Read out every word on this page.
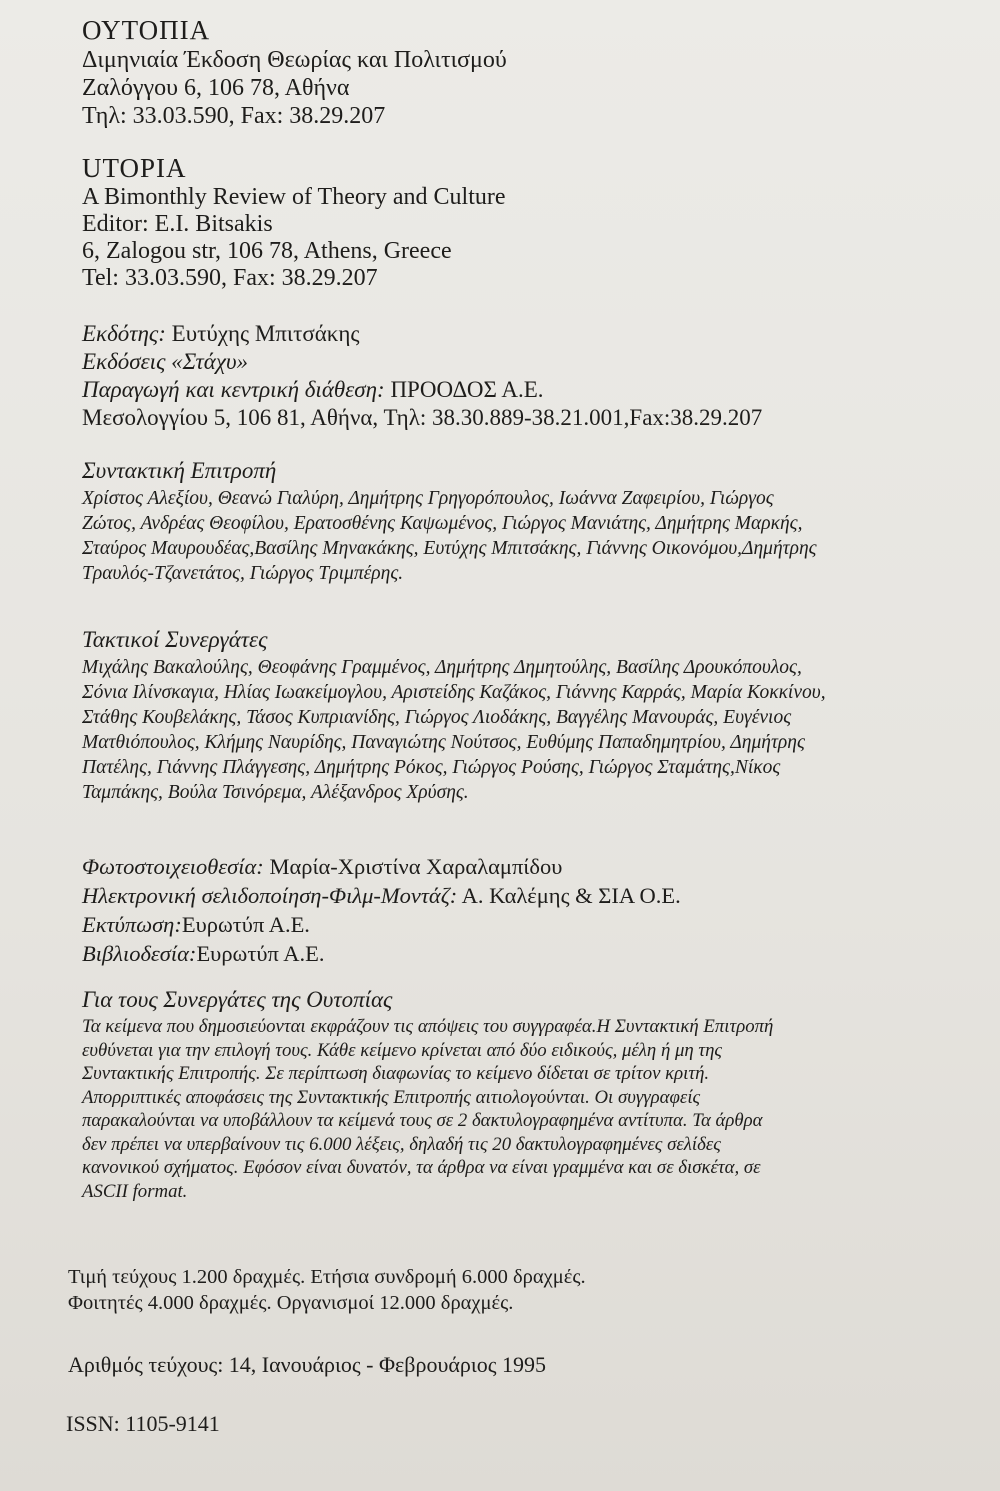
ΟΥΤΟΠΙΑ
Διμηνιαία Έκδοση Θεωρίας και Πολιτισμού
Ζαλόγγου 6, 106 78, Αθήνα
Τηλ: 33.03.590, Fax: 38.29.207
UTOPIA
A Bimonthly Review of Theory and Culture
Editor: E.I. Bitsakis
6, Zalogou str, 106 78, Athens, Greece
Tel: 33.03.590, Fax: 38.29.207
Εκδότης: Ευτύχης Μπιτσάκης
Εκδόσεις «Στάχυ»
Παραγωγή και κεντρική διάθεση: ΠΡΟΟΔΟΣ Α.Ε.
Μεσολογγίου 5, 106 81, Αθήνα, Τηλ: 38.30.889-38.21.001,Fax:38.29.207
Συντακτική Επιτροπή
Χρίστος Αλεξίου, Θεανώ Γιαλύρη, Δημήτρης Γρηγορόπουλος, Ιωάννα Ζαφειρίου, Γιώργος
Ζώτος, Ανδρέας Θεοφίλου, Ερατοσθένης Καψωμένος, Γιώργος Μανιάτης, Δημήτρης Μαρκής,
Σταύρος Μαυρουδέας,Βασίλης Μηνακάκης, Ευτύχης Μπιτσάκης, Γιάννης Οικονόμου,Δημήτρης
Τραυλός-Τζανετάτος, Γιώργος Τριμπέρης.
Τακτικοί Συνεργάτες
Μιχάλης Βακαλούλης, Θεοφάνης Γραμμένος, Δημήτρης Δημητούλης, Βασίλης Δρουκόπουλος,
Σόνια Ιλίνσκαγια, Ηλίας Ιωακείμογλου, Αριστείδης Καζάκος, Γιάννης Καρράς, Μαρία Κοκκίνου,
Στάθης Κουβελάκης, Τάσος Κυπριανίδης, Γιώργος Λιοδάκης, Βαγγέλης Μανουράς, Ευγένιος
Ματθιόπουλος, Κλήμης Ναυρίδης, Παναγιώτης Νούτσος, Ευθύμης Παπαδημητρίου, Δημήτρης
Πατέλης, Γιάννης Πλάγγεσης, Δημήτρης Ρόκος, Γιώργος Ρούσης, Γιώργος Σταμάτης,Νίκος
Ταμπάκης, Βούλα Τσινόρεμα, Αλέξανδρος Χρύσης.
Φωτοστοιχειοθεσία: Μαρία-Χριστίνα Χαραλαμπίδου
Ηλεκτρονική σελιδοποίηση-Φιλμ-Μοντάζ: Α. Καλέμης & ΣΙΑ Ο.Ε.
Εκτύπωση:Ευρωτύπ Α.Ε.
Βιβλιοδεσία:Ευρωτύπ Α.Ε.
Για τους Συνεργάτες της Ουτοπίας
Τα κείμενα που δημοσιεύονται εκφράζουν τις απόψεις του συγγραφέα.Η Συντακτική Επιτροπή
ευθύνεται για την επιλογή τους. Κάθε κείμενο κρίνεται από δύο ειδικούς, μέλη ή μη της
Συντακτικής Επιτροπής. Σε περίπτωση διαφωνίας το κείμενο δίδεται σε τρίτον κριτή.
Απορριπτικές αποφάσεις της Συντακτικής Επιτροπής αιτιολογούνται. Οι συγγραφείς
παρακαλούνται να υποβάλλουν τα κείμενά τους σε 2 δακτυλογραφημένα αντίτυπα. Τα άρθρα
δεν πρέπει να υπερβαίνουν τις 6.000 λέξεις, δηλαδή τις 20 δακτυλογραφημένες σελίδες
κανονικού σχήματος. Εφόσον είναι δυνατόν, τα άρθρα να είναι γραμμένα και σε δισκέτα, σε
ASCII format.
Τιμή τεύχους 1.200 δραχμές. Ετήσια συνδρομή 6.000 δραχμές.
Φοιτητές 4.000 δραχμές. Οργανισμοί 12.000 δραχμές.
Αριθμός τεύχους: 14, Ιανουάριος - Φεβρουάριος 1995
ISSN: 1105-9141
